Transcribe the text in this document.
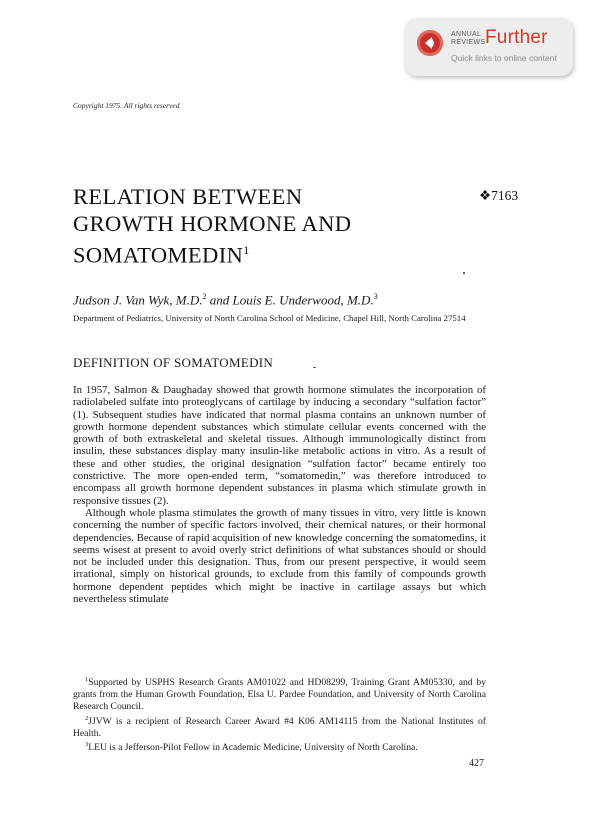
ANNUAL
REVIEWS Further
Quick links to online content
Copyright 1975. All rights reserved
RELATION BETWEEN
GROWTH HORMONE AND
SOMATOMEDIN$^1$
❖7163
Judson J. Van Wyk, M.D.$^2$ and Louis E. Underwood, M.D.$^3$
Department of Pediatrics, University of North Carolina School of Medicine, Chapel Hill, North Carolina 27514
DEFINITION OF SOMATOMEDIN

In 1957, Salmon & Daughaday showed that growth hormone stimulates the incorporation of radiolabeled sulfate into proteoglycans of cartilage by inducing a secondary “sulfation factor” (1). Subsequent studies have indicated that normal plasma contains an unknown number of growth hormone dependent substances which stimulate cellular events concerned with the growth of both extraskeletal and skeletal tissues. Although immunologically distinct from insulin, these substances display many insulin-like metabolic actions in vitro. As a result of these and other studies, the original designation “sulfation factor” became entirely too constrictive. The more open-ended term, “somatomedin,” was therefore introduced to encompass all growth hormone dependent substances in plasma which stimulate growth in responsive tissues (2).

Although whole plasma stimulates the growth of many tissues in vitro, very little is known concerning the number of specific factors involved, their chemical natures, or their hormonal dependencies. Because of rapid acquisition of new knowledge concerning the somatomedins, it seems wisest at present to avoid overly strict definitions of what substances should or should not be included under this designation. Thus, from our present perspective, it would seem irrational, simply on historical grounds, to exclude from this family of compounds growth hormone dependent peptides which might be inactive in cartilage assays but which nevertheless stimulate

$^1$Supported by USPHS Research Grants AM01022 and HD08299, Training Grant AM05330, and by grants from the Human Growth Foundation, Elsa U. Pardee Foundation, and University of North Carolina Research Council.

$^2$JJVW is a recipient of Research Career Award #4 K06 AM14115 from the National Institutes of Health.

$^3$LEU is a Jefferson-Pilot Fellow in Academic Medicine, University of North Carolina.

427
